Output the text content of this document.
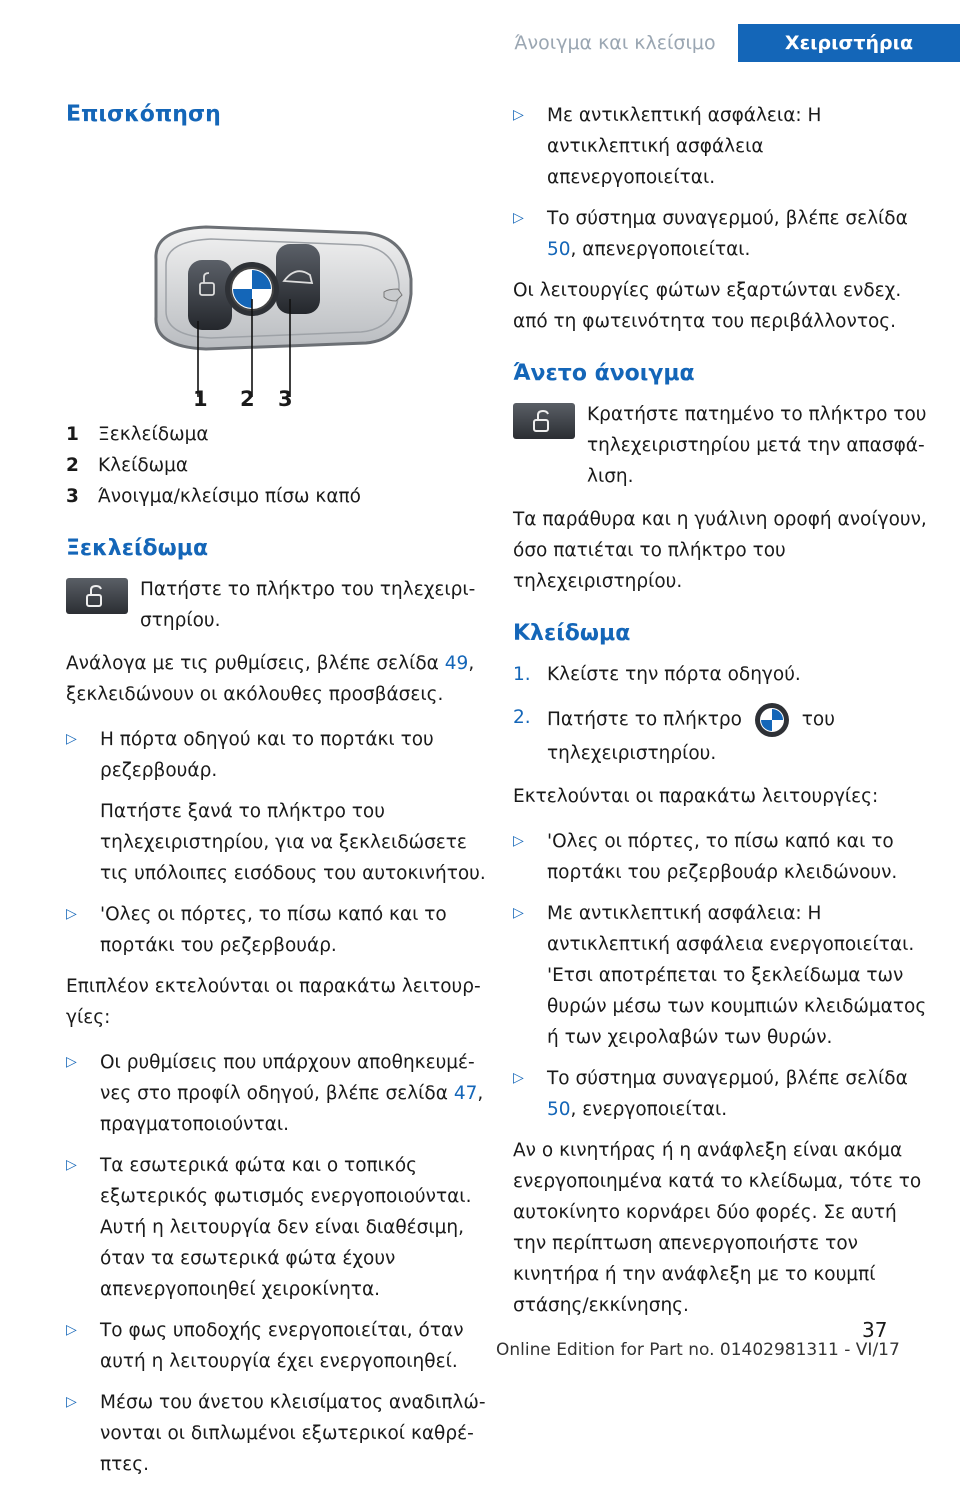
Άνοιγμα και κλείσιμο	Χειριστήρια
Επισκόπηση
1 2 3
1	Ξεκλείδωμα
2	Κλείδωμα
3	Άνοιγμα/κλείσιμο πίσω καπό
Ξεκλείδωμα
Πατήστε το πλήκτρο του τηλεχειριστηρίου.

Ανάλογα με τις ρυθμίσεις, βλέπε σελίδα 49, ξεκλειδώνουν οι ακόλουθες προσβάσεις.

▷	Η πόρτα οδηγού και το πορτάκι του ρεζερβουάρ.
Πατήστε ξανά το πλήκτρο του τηλεχειριστηρίου, για να ξεκλειδώσετε τις υπόλοιπες εισόδους του αυτοκινήτου.
▷	'Ολες οι πόρτες, το πίσω καπό και το πορτάκι του ρεζερβουάρ.

Επιπλέον εκτελούνται οι παρακάτω λειτουργίες:

▷	Οι ρυθμίσεις που υπάρχουν αποθηκευμένες στο προφίλ οδηγού, βλέπε σελίδα 47, πραγματοποιούνται.
▷	Τα εσωτερικά φώτα και ο τοπικός εξωτερικός φωτισμός ενεργοποιούνται. Αυτή η λειτουργία δεν είναι διαθέσιμη, όταν τα εσωτερικά φώτα έχουν απενεργοποιηθεί χειροκίνητα.
▷	Το φως υποδοχής ενεργοποιείται, όταν αυτή η λειτουργία έχει ενεργοποιηθεί.
▷	Μέσω του άνετου κλεισίματος αναδιπλώνονται οι διπλωμένοι εξωτερικοί καθρέπτες.
▷	Με αντικλεπτική ασφάλεια: Η αντικλεπτική ασφάλεια απενεργοποιείται.
▷	Το σύστημα συναγερμού, βλέπε σελίδα 50, απενεργοποιείται.

Οι λειτουργίες φώτων εξαρτώνται ενδεχ. από τη φωτεινότητα του περιβάλλοντος.

Άνετο άνοιγμα
Κρατήστε πατημένο το πλήκτρο του τηλεχειριστηρίου μετά την απασφάλιση.

Τα παράθυρα και η γυάλινη οροφή ανοίγουν, όσο πατιέται το πλήκτρο του τηλεχειριστηρίου.

Κλείδωμα
1. Κλείστε την πόρτα οδηγού.
2. Πατήστε το πλήκτρο	του τηλεχειριστηρίου.

Εκτελούνται οι παρακάτω λειτουργίες:

▷	'Ολες οι πόρτες, το πίσω καπό και το πορτάκι του ρεζερβουάρ κλειδώνουν.
▷	Με αντικλεπτική ασφάλεια: Η αντικλεπτική ασφάλεια ενεργοποιείται. 'Ετσι αποτρέπεται το ξεκλείδωμα των θυρών μέσω των κουμπιών κλειδώματος ή των χειρολαβών των θυρών.
▷	Το σύστημα συναγερμού, βλέπε σελίδα 50, ενεργοποιείται.

Αν ο κινητήρας ή η ανάφλεξη είναι ακόμα ενεργοποιημένα κατά το κλείδωμα, τότε το αυτοκίνητο κορνάρει δύο φορές. Σε αυτή την περίπτωση απενεργοποιήστε τον κινητήρα ή την ανάφλεξη με το κουμπί στάσης/εκκίνησης.

37
Online Edition for Part no. 01402981311 - VI/17
